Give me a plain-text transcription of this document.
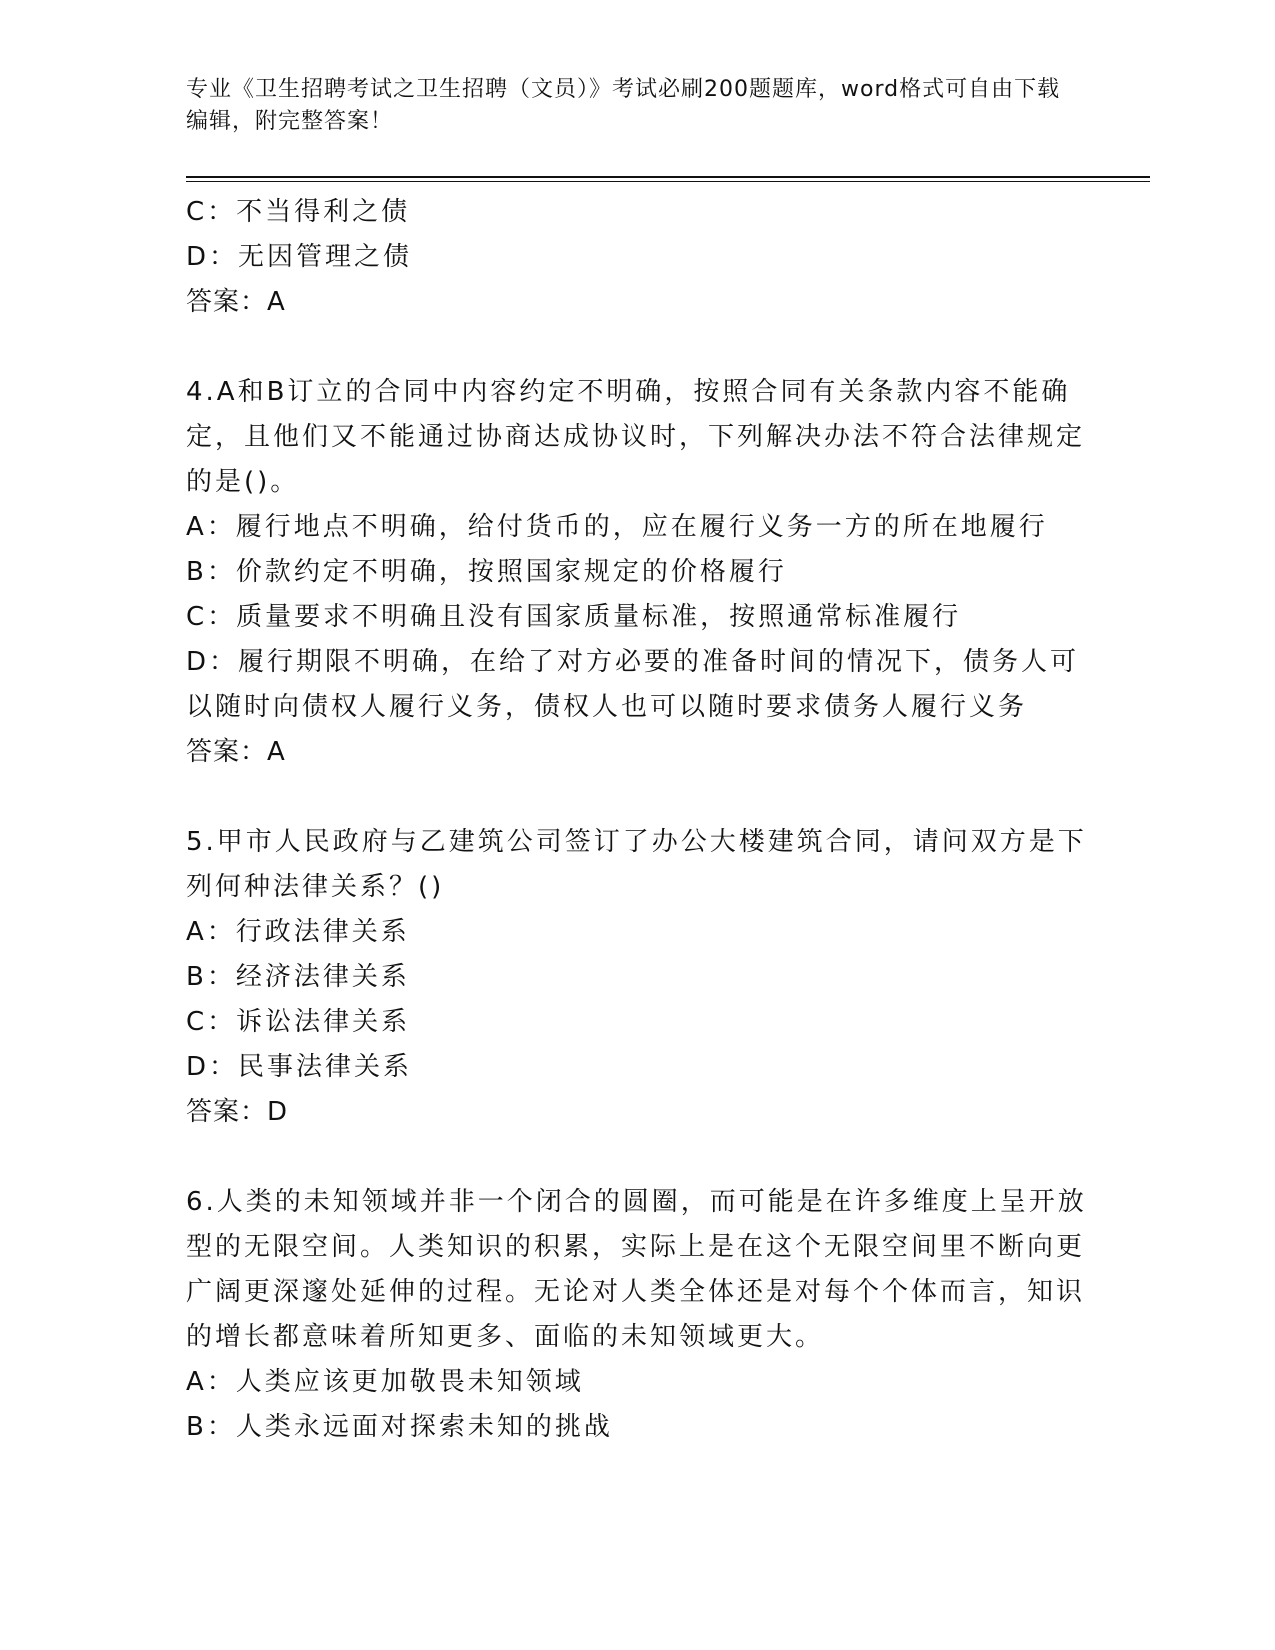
专业《卫生招聘考试之卫生招聘（文员）》考试必刷200题题库，word格式可自由下载编辑，附完整答案！

C：不当得利之债

D：无因管理之债

答案：A

4.A和B订立的合同中内容约定不明确，按照合同有关条款内容不能确定，且他们又不能通过协商达成协议时，下列解决办法不符合法律规定的是()。

A：履行地点不明确，给付货币的，应在履行义务一方的所在地履行

B：价款约定不明确，按照国家规定的价格履行

C：质量要求不明确且没有国家质量标准，按照通常标准履行

D：履行期限不明确，在给了对方必要的准备时间的情况下，债务人可以随时向债权人履行义务，债权人也可以随时要求债务人履行义务

答案：A

5.甲市人民政府与乙建筑公司签订了办公大楼建筑合同，请问双方是下列何种法律关系？()

A：行政法律关系

B：经济法律关系

C：诉讼法律关系

D：民事法律关系

答案：D

6.人类的未知领域并非一个闭合的圆圈，而可能是在许多维度上呈开放型的无限空间。人类知识的积累，实际上是在这个无限空间里不断向更广阔更深邃处延伸的过程。无论对人类全体还是对每个个体而言，知识的增长都意味着所知更多、面临的未知领域更大。

A：人类应该更加敬畏未知领域

B：人类永远面对探索未知的挑战
